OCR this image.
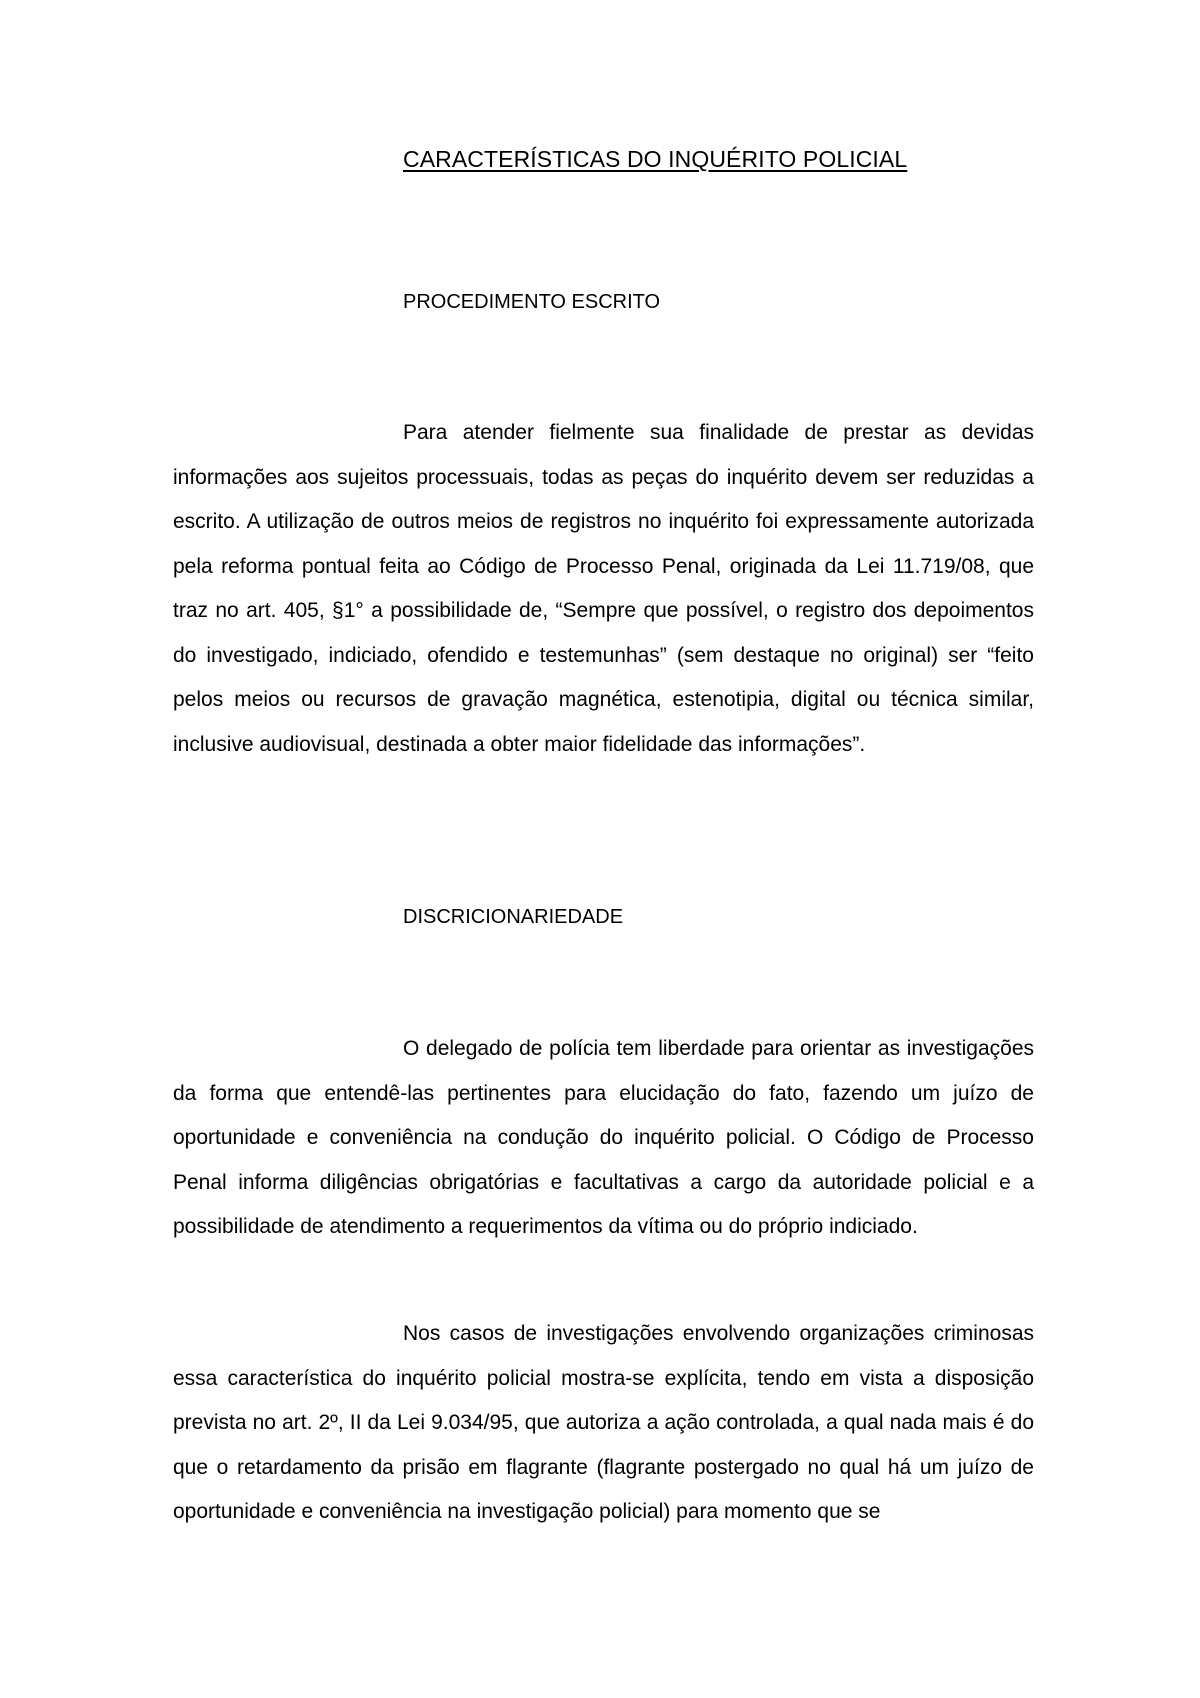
CARACTERÍSTICAS DO INQUÉRITO POLICIAL
PROCEDIMENTO ESCRITO

Para atender fielmente sua finalidade de prestar as devidas informações aos sujeitos processuais, todas as peças do inquérito devem ser reduzidas a escrito. A utilização de outros meios de registros no inquérito foi expressamente autorizada pela reforma pontual feita ao Código de Processo Penal, originada da Lei 11.719/08, que traz no art. 405, §1° a possibilidade de, “Sempre que possível, o registro dos depoimentos do investigado, indiciado, ofendido e testemunhas” (sem destaque no original) ser “feito pelos meios ou recursos de gravação magnética, estenotipia, digital ou técnica similar, inclusive audiovisual, destinada a obter maior fidelidade das informações”.

DISCRICIONARIEDADE

O delegado de polícia tem liberdade para orientar as investigações da forma que entendê-las pertinentes para elucidação do fato, fazendo um juízo de oportunidade e conveniência na condução do inquérito policial. O Código de Processo Penal informa diligências obrigatórias e facultativas a cargo da autoridade policial e a possibilidade de atendimento a requerimentos da vítima ou do próprio indiciado.

Nos casos de investigações envolvendo organizações criminosas essa característica do inquérito policial mostra-se explícita, tendo em vista a disposição prevista no art. 2º, II da Lei 9.034/95, que autoriza a ação controlada, a qual nada mais é do que o retardamento da prisão em flagrante (flagrante postergado no qual há um juízo de oportunidade e conveniência na investigação policial) para momento que se
